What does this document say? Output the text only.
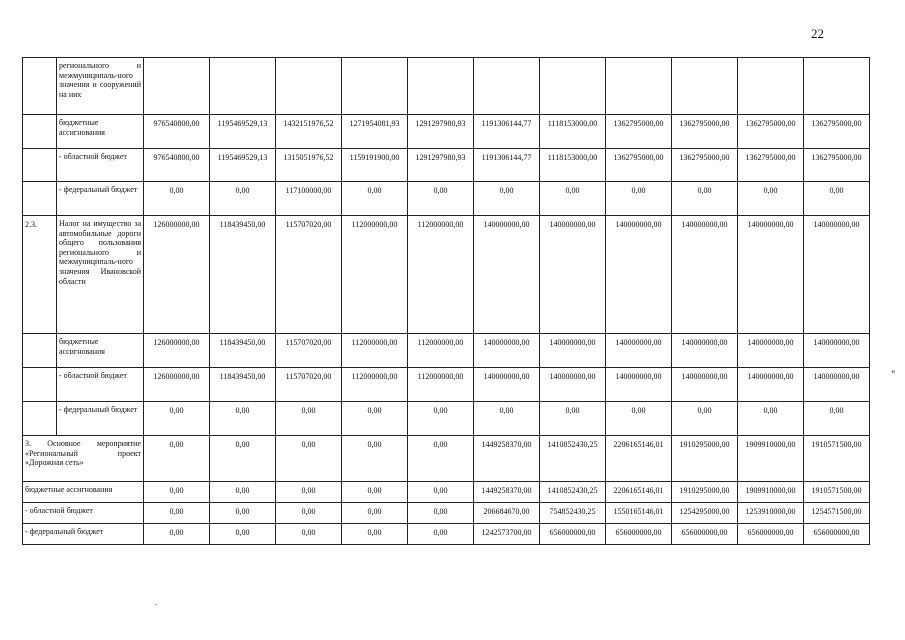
22
«
	регионального и межмуниципаль-ного значения и сооружений на них											
	бюджетные ассигнования	976540800,00	1195469529,13	1432151976,52	1271954081,93	1291297980,93	1191306144,77	1118153000,00	1362795000,00	1362795000,00	1362795000,00	1362795000,00
	- областной бюджет	976540800,00	1195469529,13	1315051976,52	1159191900,00	1291297980,93	1191306144,77	1118153000,00	1362795000,00	1362795000,00	1362795000,00	1362795000,00
	- федеральный бюджет	0,00	0,00	117100000,00	0,00	0,00	0,00	0,00	0,00	0,00	0,00	0,00
2.3.	Налог на имущество за автомобильные дороги общего пользования регионального и межмуниципаль-ного значения Ивановской области	126000000,00	118439450,00	115707020,00	112000000,00	112000000,00	140000000,00	140000000,00	140000000,00	140000000,00	140000000,00	140000000,00
	бюджетные ассигнования	126000000,00	118439450,00	115707020,00	112000000,00	112000000,00	140000000,00	140000000,00	140000000,00	140000000,00	140000000,00	140000000,00
	- областной бюджет	126000000,00	118439450,00	115707020,00	112000000,00	112000000,00	140000000,00	140000000,00	140000000,00	140000000,00	140000000,00	140000000,00
	- федеральный бюджет	0,00	0,00	0,00	0,00	0,00	0,00	0,00	0,00	0,00	0,00	0,00
3. Основное мероприятие «Региональный проект «Дорожная сеть»		0,00	0,00	0,00	0,00	0,00	1449258370,00	1410852430,25	2206165146,01	1910295000,00	1909910000,00	1910571500,00
бюджетные ассигнования		0,00	0,00	0,00	0,00	0,00	1449258370,00	1410852430,25	2206165146,01	1910295000,00	1909910000,00	1910571500,00
- областной бюджет		0,00	0,00	0,00	0,00	0,00	206684670,00	754852430,25	1550165146,01	1254295000,00	1253910000,00	1254571500,00
- федеральный бюджет		0,00	0,00	0,00	0,00	0,00	1242573700,00	656000000,00	656000000,00	656000000,00	656000000,00	656000000,00
